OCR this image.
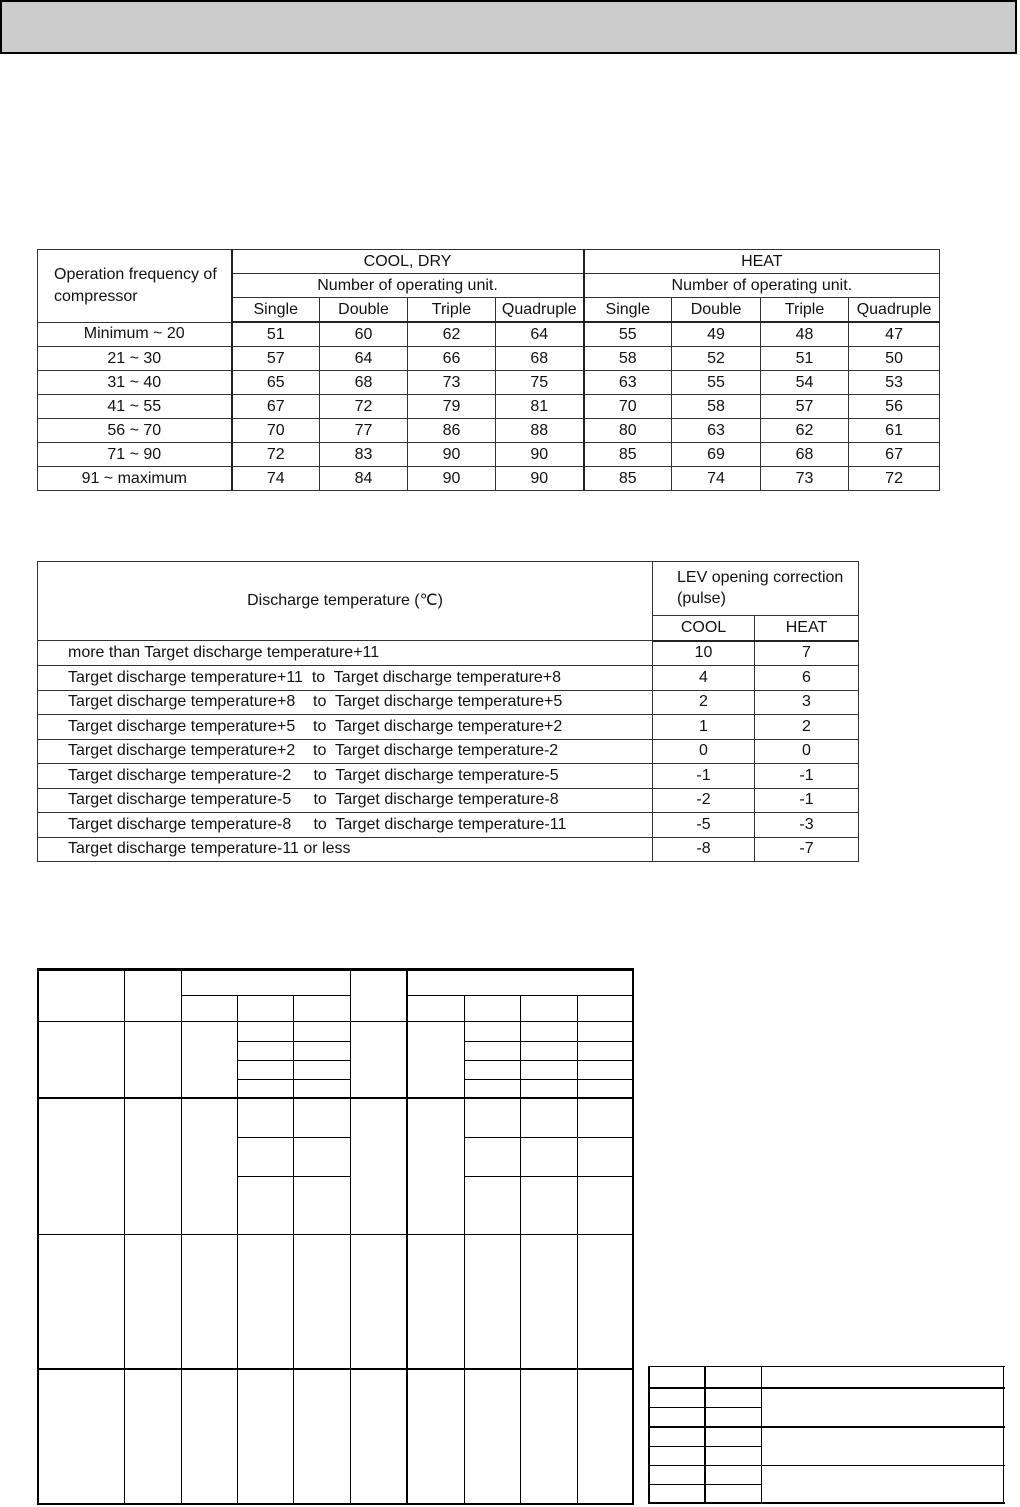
Operation frequency of compressor	COOL, DRY				HEAT			
	Number of operating unit.				Number of operating unit.			
	Single	Double	Triple	Quadruple	Single	Double	Triple	Quadruple
Minimum ~ 20	51	60	62	64	55	49	48	47
21 ~ 30	57	64	66	68	58	52	51	50
31 ~ 40	65	68	73	75	63	55	54	53
41 ~ 55	67	72	79	81	70	58	57	56
56 ~ 70	70	77	86	88	80	63	62	61
71 ~ 90	72	83	90	90	85	69	68	67
91 ~ maximum	74	84	90	90	85	74	73	72
Discharge temperature (℃)	LEV opening correction (pulse)	
	COOL	HEAT
more than Target discharge temperature+11	10	7
Target discharge temperature+11  to  Target discharge temperature+8	4	6
Target discharge temperature+8    to  Target discharge temperature+5	2	3
Target discharge temperature+5    to  Target discharge temperature+2	1	2
Target discharge temperature+2    to  Target discharge temperature-2	0	0
Target discharge temperature-2     to  Target discharge temperature-5	-1	-1
Target discharge temperature-5     to  Target discharge temperature-8	-2	-1
Target discharge temperature-8     to  Target discharge temperature-11	-5	-3
Target discharge temperature-11 or less	-8	-7
